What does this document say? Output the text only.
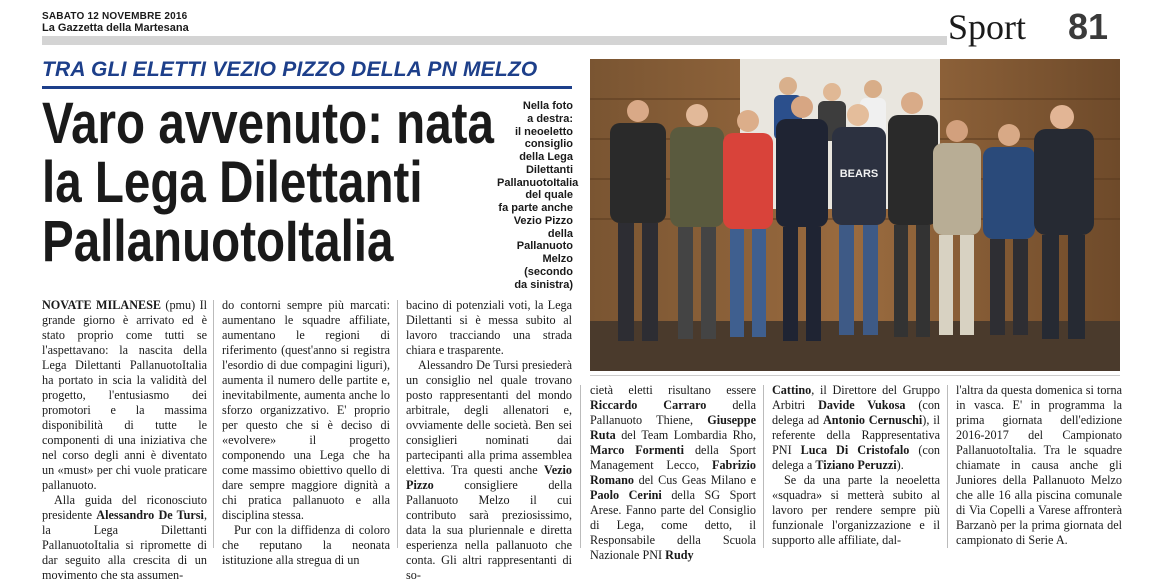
SABATO 12 NOVEMBRE 2016
La Gazzetta della Martesana	Sport 81
TRA GLI ELETTI VEZIO PIZZO DELLA PN MELZO
Varo avvenuto: nata
la Lega Dilettanti
PallanuotoItalia
Nella foto
a destra:
il neoeletto
consiglio
della Lega
Dilettanti
PallanuotoItalia
del quale
fa parte anche
Vezio Pizzo
della
Pallanuoto
Melzo
(secondo
da sinistra)
BEARS

NOVATE MILANESE (pmu) Il grande giorno è arrivato ed è stato proprio come tutti se l'aspettavano: la nascita della Lega Dilettanti PallanuotoItalia ha portato in scia la validità del progetto, l'entusiasmo dei promotori e la massima disponibilità di tutte le componenti di una iniziativa che nel corso degli anni è diventato un «must» per chi vuole praticare pallanuoto.

Alla guida del riconosciuto presidente Alessandro De Tursi, la Lega Dilettanti PallanuotoItalia si ripromette di dar seguito alla crescita di un movimento che sta assumen-

do contorni sempre più marcati: aumentano le squadre affiliate, aumentano le regioni di riferimento (quest'anno si registra l'esordio di due compagini liguri), aumenta il numero delle partite e, inevitabilmente, aumenta anche lo sforzo organizzativo. E' proprio per questo che si è deciso di «evolvere» il progetto componendo una Lega che ha come massimo obiettivo quello di dare sempre maggiore dignità a chi pratica pallanuoto e alla disciplina stessa.

Pur con la diffidenza di coloro che reputano la neonata istituzione alla stregua di un

bacino di potenziali voti, la Lega Dilettanti si è messa subito al lavoro tracciando una strada chiara e trasparente.

Alessandro De Tursi presiederà un consiglio nel quale trovano posto rappresentanti del mondo arbitrale, degli allenatori e, ovviamente delle società. Ben sei consiglieri nominati dai partecipanti alla prima assemblea elettiva. Tra questi anche Vezio Pizzo	consigliere della Pallanuoto Melzo il cui contributo sarà preziosissimo, data la sua pluriennale e diretta esperienza nella pallanuoto che conta. Gli altri rappresentanti di so-

cietà eletti risultano essere Riccardo Carraro della Pallanuoto Thiene, Giuseppe Ruta del Team Lombardia Rho, Marco Formenti della Sport Management Lecco, Fabrizio Romano del Cus Geas Milano e Paolo Cerini della SG Sport Arese. Fanno parte del Consiglio di Lega, come detto, il Responsabile della Scuola Nazionale PNI Rudy

Cattino, il Direttore del Gruppo Arbitri Davide Vukosa (con delega ad Antonio Cernuschi), il referente della Rappresentativa PNI Luca Di Cristofalo (con delega a Tiziano Peruzzi).

Se da una parte la neoeletta «squadra» si metterà subito al lavoro per rendere sempre più funzionale l'organizzazione e il supporto alle affiliate, dal-

l'altra da questa domenica si torna in vasca. E' in programma la prima giornata dell'edizione 2016-2017 del Campionato PallanuotoItalia. Tra le squadre chiamate in causa anche gli Juniores della Pallanuoto Melzo che alle 16 alla piscina comunale di Via Copelli a Varese affronterà Barzanò per la prima giornata del campionato di Serie A.
